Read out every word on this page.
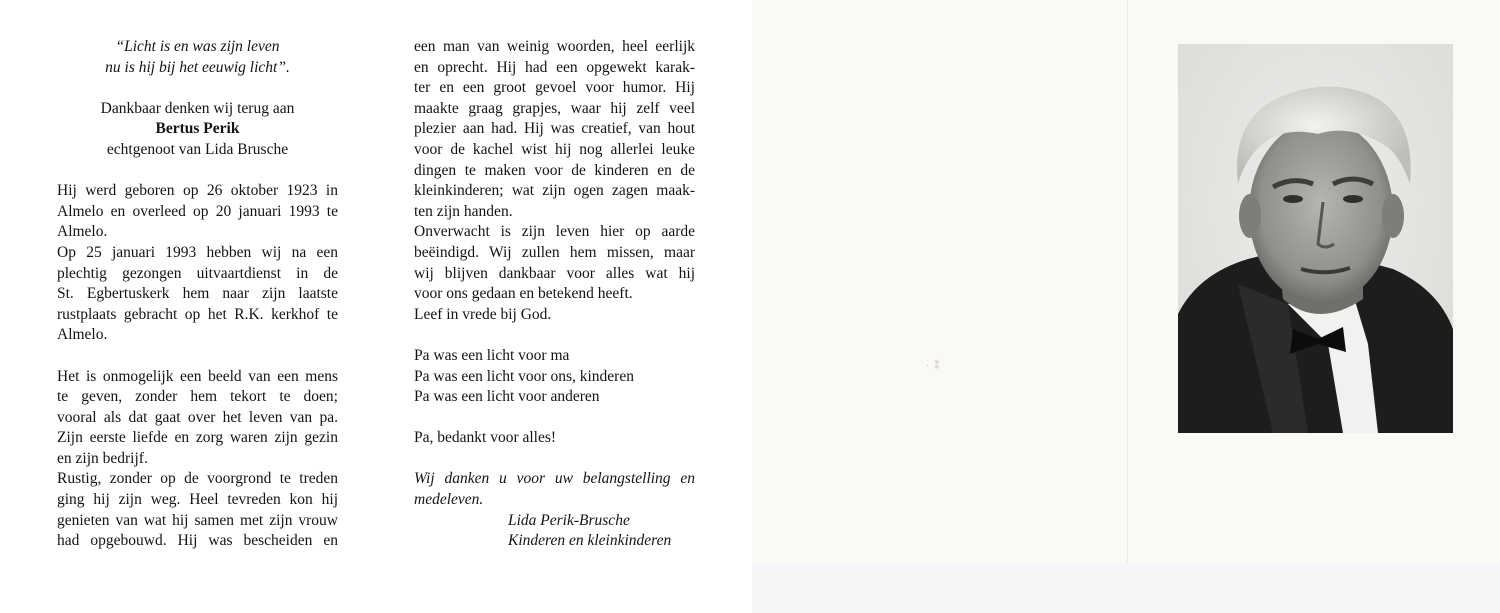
“Licht is en was zijn leven
nu is hij bij het eeuwig licht”.
Dankbaar denken wij terug aan
Bertus Perik
echtgenoot van Lida Brusche
Hij werd geboren op 26 oktober 1923 in
Almelo en overleed op 20 januari 1993 te
Almelo.
Op 25 januari 1993 hebben wij na een
plechtig gezongen uitvaartdienst in de
St. Egbertuskerk hem naar zijn laatste
rustplaats gebracht op het R.K. kerkhof te
Almelo.
Het is onmogelijk een beeld van een mens
te geven, zonder hem tekort te doen;
vooral als dat gaat over het leven van pa.
Zijn eerste liefde en zorg waren zijn gezin
en zijn bedrijf.
Rustig, zonder op de voorgrond te treden
ging hij zijn weg. Heel tevreden kon hij
genieten van wat hij samen met zijn vrouw
had opgebouwd. Hij was bescheiden en
een man van weinig woorden, heel eerlijk
en oprecht. Hij had een opgewekt karak-
ter en een groot gevoel voor humor. Hij
maakte graag grapjes, waar hij zelf veel
plezier aan had. Hij was creatief, van hout
voor de kachel wist hij nog allerlei leuke
dingen te maken voor de kinderen en de
kleinkinderen; wat zijn ogen zagen maak-
ten zijn handen.
Onverwacht is zijn leven hier op aarde
beëindigd. Wij zullen hem missen, maar
wij blijven dankbaar voor alles wat hij
voor ons gedaan en betekend heeft.
Leef in vrede bij God.
Pa was een licht voor ma
Pa was een licht voor ons, kinderen
Pa was een licht voor anderen
Pa, bedankt voor alles!
Wij danken u voor uw belangstelling en
medeleven.
Lida Perik-Brusche
Kinderen en kleinkinderen
·  ⁑
